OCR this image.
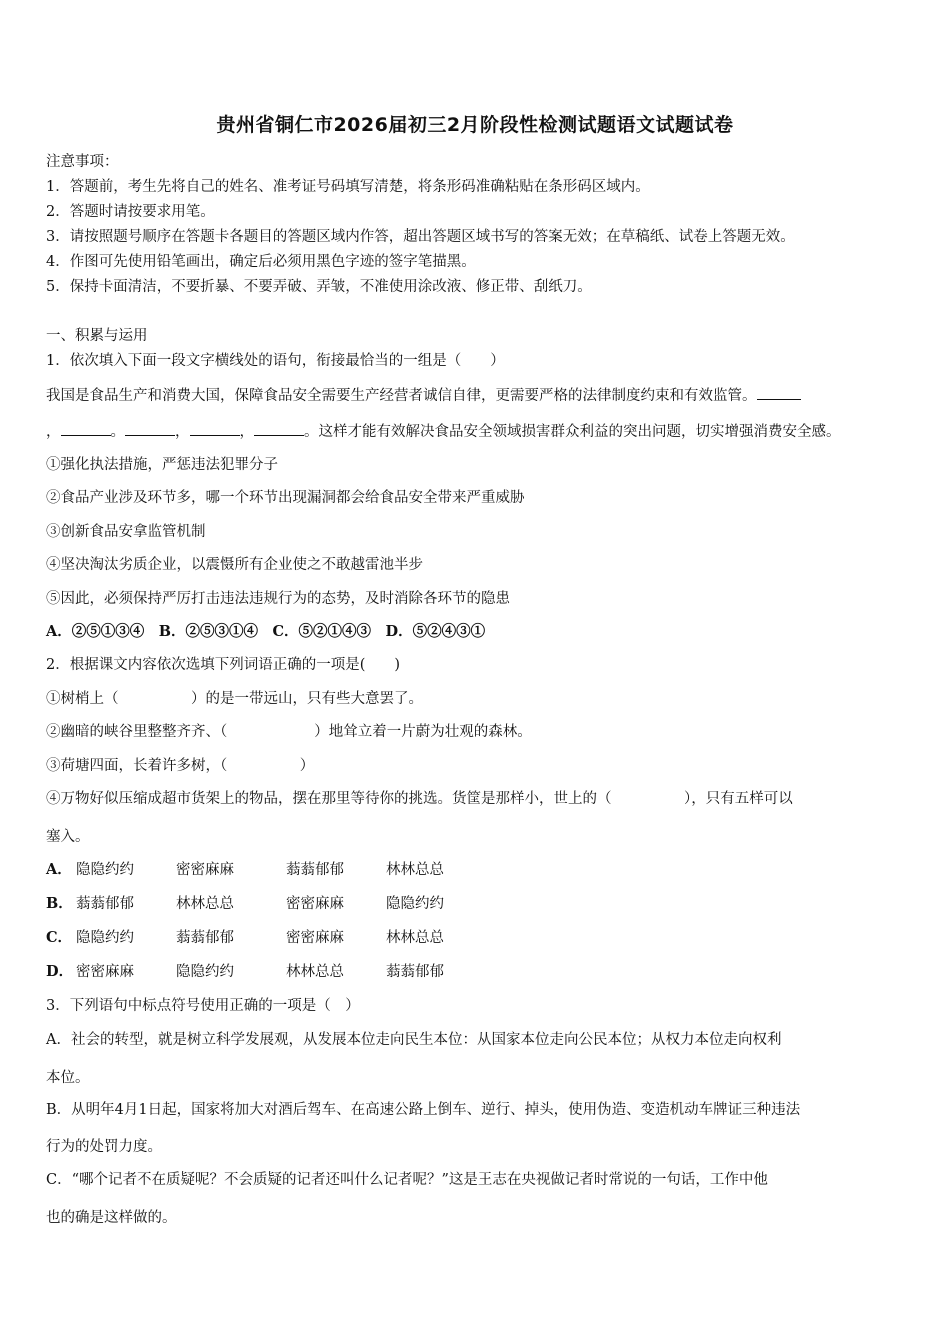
贵州省铜仁市2026届初三2月阶段性检测试题语文试题试卷
注意事项：
1．答题前，考生先将自己的姓名、准考证号码填写清楚，将条形码准确粘贴在条形码区域内。
2．答题时请按要求用笔。
3．请按照题号顺序在答题卡各题目的答题区域内作答，超出答题区域书写的答案无效；在草稿纸、试卷上答题无效。
4．作图可先使用铅笔画出，确定后必须用黑色字迹的签字笔描黑。
5．保持卡面清洁，不要折暴、不要弄破、弄皱，不准使用涂改液、修正带、刮纸刀。
一、积累与运用
1．依次填入下面一段文字横线处的语句，衔接最恰当的一组是（　　）
我国是食品生产和消费大国，保障食品安全需要生产经营者诚信自律，更需要严格的法律制度约束和有效监管。
，	。	，	，	。这样才能有效解决食品安全领域损害群众利益的突出问题，切实增强消费安全感。
①强化执法措施，严惩违法犯罪分子
②食品产业涉及环节多，哪一个环节出现漏洞都会给食品安全带来严重威胁
③创新食品安拿监管机制
④坚决淘汰劣质企业，以震慑所有企业使之不敢越雷池半步
⑤因此，必须保持严厉打击违法违规行为的态势，及时消除各环节的隐患
A．②⑤①③④　B．②⑤③①④　C．⑤②①④③　D．⑤②④③①
2．根据课文内容依次选填下列词语正确的一项是(　　)
①树梢上（　　　　　）的是一带远山，只有些大意罢了。
②幽暗的峡谷里整整齐齐、（　　　　　　）地耸立着一片蔚为壮观的森林。
③荷塘四面，长着许多树，（　　　　　）
④万物好似压缩成超市货架上的物品，摆在那里等待你的挑选。货筐是那样小，世上的（　　　　　），只有五样可以
塞入。
A． 隐隐约约	密密麻麻	蓊蓊郁郁	林林总总
B． 蓊蓊郁郁	林林总总	密密麻麻	隐隐约约
C． 隐隐约约	蓊蓊郁郁	密密麻麻	林林总总
D． 密密麻麻	隐隐约约	林林总总	蓊蓊郁郁
3．下列语句中标点符号使用正确的一项是（　）
A．社会的转型，就是树立科学发展观，从发展本位走向民生本位：从国家本位走向公民本位；从权力本位走向权利
本位。
B．从明年4月1日起，国家将加大对酒后驾车、在高速公路上倒车、逆行、掉头，使用伪造、变造机动车牌证三种违法
行为的处罚力度。
C．“哪个记者不在质疑呢？不会质疑的记者还叫什么记者呢？”这是王志在央视做记者时常说的一句话，工作中他
也的确是这样做的。
